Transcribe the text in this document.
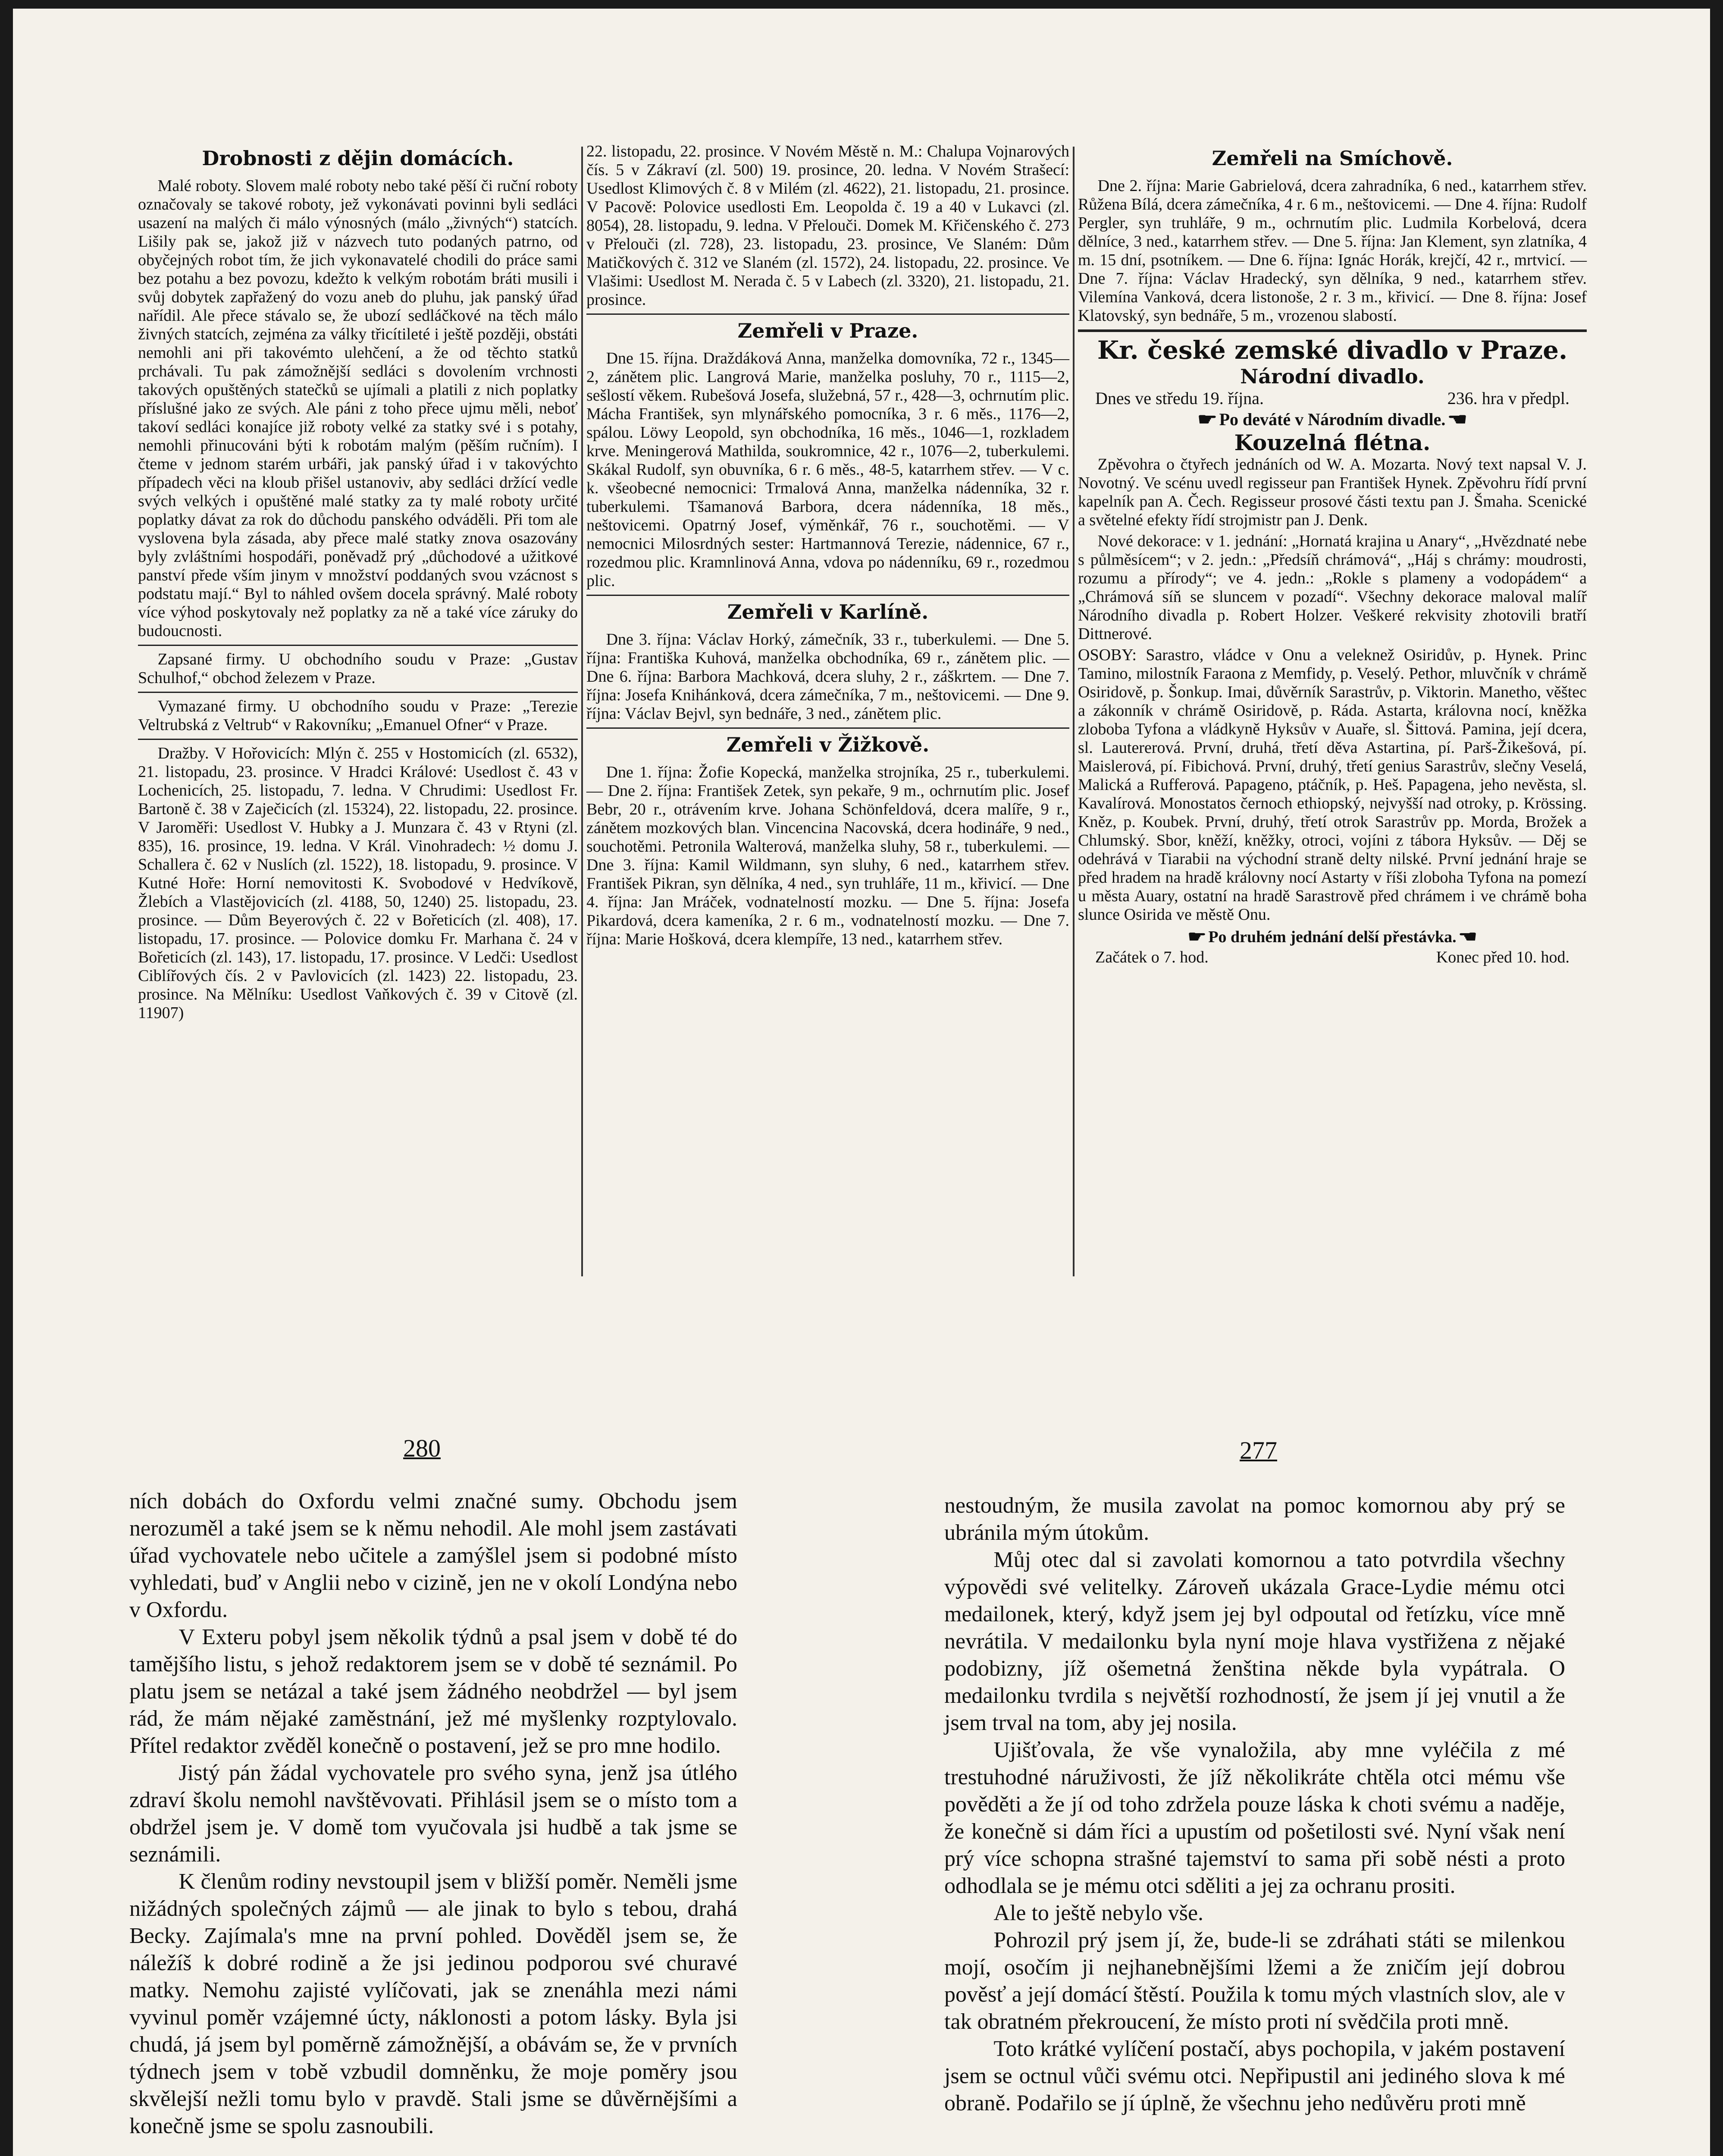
Drobnosti z dějin domácích.

Malé roboty. Slovem malé roboty nebo také pěší či ruční roboty označovaly se takové roboty, jež vykonávati povinni byli sedláci usazení na malých či málo výnosných (málo „živných“) statcích. Lišily pak se, jakož již v názvech tuto podaných patrno, od obyčejných robot tím, že jich vykonavatelé chodili do práce sami bez potahu a bez povozu, kdežto k velkým robotám bráti musili i svůj dobytek zapřažený do vozu aneb do pluhu, jak panský úřad nařídil. Ale přece stávalo se, že ubozí sedláčkové na těch málo živných statcích, zejména za války třicítileté i ještě později, obstáti nemohli ani při takovémto ulehčení, a že od těchto statků prchávali. Tu pak zámožnější sedláci s dovolením vrchnosti takových opuštěných statečků se ujímali a platili z nich poplatky příslušné jako ze svých. Ale páni z toho přece ujmu měli, neboť takoví sedláci konajíce již roboty velké za statky své i s potahy, nemohli přinucováni býti k robotám malým (pěším ručním). I čteme v jednom starém urbáři, jak panský úřad i v takovýchto případech věci na kloub přišel ustanoviv, aby sedláci držící vedle svých velkých i opuštěné malé statky za ty malé roboty určité poplatky dávat za rok do důchodu panského odváděli. Při tom ale vyslovena byla zásada, aby přece malé statky znova osazovány byly zvláštními hospodáři, poněvadž prý „důchodové a užitkové panství přede vším jinym v množství poddaných svou vzácnost s podstatu mají.“ Byl to náhled ovšem docela správný. Malé roboty více výhod poskytovaly než poplatky za ně a také více záruky do budoucnosti.

Zapsané firmy. U obchodního soudu v Praze: „Gustav Schulhof,“ obchod železem v Praze.

Vymazané firmy. U obchodního soudu v Praze: „Terezie Veltrubská z Veltrub“ v Rakovníku; „Emanuel Ofner“ v Praze.

Dražby. V Hořovicích: Mlýn č. 255 v Hostomicích (zl. 6532), 21. listopadu, 23. prosince. V Hradci Králové: Usedlost č. 43 v Lochenicích, 25. listopadu, 7. ledna. V Chrudimi: Usedlost Fr. Bartoně č. 38 v Zaječicích (zl. 15324), 22. listopadu, 22. prosince. V Jaroměři: Usedlost V. Hubky a J. Munzara č. 43 v Rtyni (zl. 835), 16. prosince, 19. ledna. V Král. Vinohradech: ½ domu J. Schallera č. 62 v Nuslích (zl. 1522), 18. listopadu, 9. prosince. V Kutné Hoře: Horní nemovitosti K. Svobodové v Hedvíkově, Žlebích a Vlastějovicích (zl. 4188, 50, 1240) 25. listopadu, 23. prosince. — Dům Beyerových č. 22 v Bořeticích (zl. 408), 17. listopadu, 17. prosince. — Polovice domku Fr. Marhana č. 24 v Bořeticích (zl. 143), 17. listopadu, 17. prosince. V Ledči: Usedlost Ciblířových čís. 2 v Pavlovicích (zl. 1423) 22. listopadu, 23. prosince. Na Mělníku: Usedlost Vaňkových č. 39 v Citově (zl. 11907)

22. listopadu, 22. prosince. V Novém Městě n. M.: Chalupa Vojnarových čís. 5 v Zákraví (zl. 500) 19. prosince, 20. ledna. V Novém Strašecí: Usedlost Klimových č. 8 v Milém (zl. 4622), 21. listopadu, 21. prosince. V Pacově: Polovice usedlosti Em. Leopolda č. 19 a 40 v Lukavci (zl. 8054), 28. listopadu, 9. ledna. V Přelouči. Domek M. Křičenského č. 273 v Přelouči (zl. 728), 23. listopadu, 23. prosince, Ve Slaném: Dům Matičkových č. 312 ve Slaném (zl. 1572), 24. listopadu, 22. prosince. Ve Vlašimi: Usedlost M. Nerada č. 5 v Labech (zl. 3320), 21. listopadu, 21. prosince.

Zemřeli v Praze.

Dne 15. října. Draždáková Anna, manželka domovníka, 72 r., 1345—2, zánětem plic. Langrová Marie, manželka posluhy, 70 r., 1115—2, sešlostí věkem. Rubešová Josefa, služebná, 57 r., 428—3, ochrnutím plic. Mácha František, syn mlynářského pomocníka, 3 r. 6 měs., 1176—2, spálou. Löwy Leopold, syn obchodníka, 16 měs., 1046—1, rozkladem krve. Meningerová Mathilda, soukromnice, 42 r., 1076—2, tuberkulemi. Skákal Rudolf, syn obuvníka, 6 r. 6 měs., 48-5, katarrhem střev. — V c. k. všeobecné nemocnici: Trmalová Anna, manželka nádenníka, 32 r. tuberkulemi. Tšamanová Barbora, dcera nádenníka, 18 měs., neštovicemi. Opatrný Josef, výměnkář, 76 r., souchotěmi. — V nemocnici Milosrdných sester: Hartmannová Terezie, nádennice, 67 r., rozedmou plic. Kramnlinová Anna, vdova po nádenníku, 69 r., rozedmou plic.

Zemřeli v Karlíně.

Dne 3. října: Václav Horký, zámečník, 33 r., tuberkulemi. — Dne 5. října: Františka Kuhová, manželka obchodníka, 69 r., zánětem plic. — Dne 6. října: Barbora Machková, dcera sluhy, 2 r., záškrtem. — Dne 7. října: Josefa Knihánková, dcera zámečníka, 7 m., neštovicemi. — Dne 9. října: Václav Bejvl, syn bednáře, 3 ned., zánětem plic.

Zemřeli v Žižkově.

Dne 1. října: Žofie Kopecká, manželka strojníka, 25 r., tuberkulemi. — Dne 2. října: František Zetek, syn pekaře, 9 m., ochrnutím plic. Josef Bebr, 20 r., otrávením krve. Johana Schönfeldová, dcera malíře, 9 r., zánětem mozkových blan. Vincencina Nacovská, dcera hodináře, 9 ned., souchotěmi. Petronila Walterová, manželka sluhy, 58 r., tuberkulemi. — Dne 3. října: Kamil Wildmann, syn sluhy, 6 ned., katarrhem střev. František Pikran, syn dělníka, 4 ned., syn truhláře, 11 m., křivicí. — Dne 4. října: Jan Mráček, vodnatelností mozku. — Dne 5. října: Josefa Pikardová, dcera kameníka, 2 r. 6 m., vodnatelností mozku. — Dne 7. října: Marie Hošková, dcera klempíře, 13 ned., katarrhem střev.

Zemřeli na Smíchově.

Dne 2. října: Marie Gabrielová, dcera zahradníka, 6 ned., katarrhem střev. Růžena Bílá, dcera zámečníka, 4 r. 6 m., neštovicemi. — Dne 4. října: Rudolf Pergler, syn truhláře, 9 m., ochrnutím plic. Ludmila Korbelová, dcera dělníce, 3 ned., katarrhem střev. — Dne 5. října: Jan Klement, syn zlatníka, 4 m. 15 dní, psotníkem. — Dne 6. října: Ignác Horák, krejčí, 42 r., mrtvicí. — Dne 7. října: Václav Hradecký, syn dělníka, 9 ned., katarrhem střev. Vilemína Vanková, dcera listonoše, 2 r. 3 m., křivicí. — Dne 8. října: Josef Klatovský, syn bednáře, 5 m., vrozenou slabostí.

Kr. české zemské divadlo v Praze.
Národní divadlo.
Dnes ve středu 19. října.	236. hra v předpl.
☛ Po deváté v Národním divadle. ☚
Kouzelná flétna.

Zpěvohra o čtyřech jednáních od W. A. Mozarta. Nový text napsal V. J. Novotný. Ve scénu uvedl regisseur pan František Hynek. Zpěvohru řídí první kapelník pan A. Čech. Regisseur prosové části textu pan J. Šmaha. Scenické a světelné efekty řídí strojmistr pan J. Denk.

Nové dekorace: v 1. jednání: „Hornatá krajina u Anary“, „Hvězdnaté nebe s půlměsícem“; v 2. jedn.: „Předsíň chrámová“, „Háj s chrámy: moudrosti, rozumu a přírody“; ve 4. jedn.: „Rokle s plameny a vodopádem“ a „Chrámová síň se sluncem v pozadí“. Všechny dekorace maloval malíř Národního divadla p. Robert Holzer. Veškeré rekvisity zhotovili bratří Dittnerové.

OSOBY: Sarastro, vládce v Onu a veleknež Osiridův, p. Hynek. Princ Tamino, milostník Faraona z Memfidy, p. Veselý. Pethor, mluvčník v chrámě Osiridově, p. Šonkup. Imai, důvěrník Sarastrův, p. Viktorin. Manetho, věštec a zákonník v chrámě Osiridově, p. Ráda. Astarta, královna nocí, kněžka zloboba Tyfona a vládkyně Hyksův v Auaře, sl. Šittová. Pamina, její dcera, sl. Lautererová. První, druhá, třetí děva Astartina, pí. Parš-Žikešová, pí. Maislerová, pí. Fibichová. První, druhý, třetí genius Sarastrův, slečny Veselá, Malická a Rufferová. Papageno, ptáčník, p. Heš. Papagena, jeho nevěsta, sl. Kavalírová. Monostatos černoch ethiopský, nejvyšší nad otroky, p. Krössing. Kněz, p. Koubek. První, druhý, třetí otrok Sarastrův pp. Morda, Brožek a Chlumský. Sbor, kněží, kněžky, otroci, vojíni z tábora Hyksův. — Děj se odehrává v Tiarabii na východní straně delty nilské. První jednání hraje se před hradem na hradě královny nocí Astarty v říši zloboha Tyfona na pomezí u města Auary, ostatní na hradě Sarastrově před chrámem i ve chrámě boha slunce Osirida ve městě Onu.

☛ Po druhém jednání delší přestávka. ☚
Začátek o 7. hod.	Konec před 10. hod.
280	277

ních dobách do Oxfordu velmi značné sumy. Obchodu jsem nerozuměl a také jsem se k němu nehodil. Ale mohl jsem zastávati úřad vychovatele nebo učitele a zamýšlel jsem si podobné místo vyhledati, buď v Anglii nebo v cizině, jen ne v okolí Londýna nebo v Oxfordu.

V Exteru pobyl jsem několik týdnů a psal jsem v době té do tamějšího listu, s jehož redaktorem jsem se v době té seznámil. Po platu jsem se netázal a také jsem žádného neobdržel — byl jsem rád, že mám nějaké zaměstnání, jež mé myšlenky rozptylovalo. Přítel redaktor zvěděl konečně o postavení, jež se pro mne hodilo.

Jistý pán žádal vychovatele pro svého syna, jenž jsa útlého zdraví školu nemohl navštěvovati. Přihlásil jsem se o místo tom a obdržel jsem je. V domě tom vyučovala jsi hudbě a tak jsme se seznámili.

K členům rodiny nevstoupil jsem v bližší poměr. Neměli jsme nižádných společných zájmů — ale jinak to bylo s tebou, drahá Becky. Zajímala's mne na první pohled. Dověděl jsem se, že náležíš k dobré rodině a že jsi jedinou podporou své churavé matky. Nemohu zajisté vylíčovati, jak se znenáhla mezi námi vyvinul poměr vzájemné úcty, náklonosti a potom lásky. Byla jsi chudá, já jsem byl poměrně zámožnější, a obávám se, že v prvních týdnech jsem v tobě vzbudil domněnku, že moje poměry jsou skvělejší nežli tomu bylo v pravdě. Stali jsme se důvěrnějšími a konečně jsme se spolu zasnoubili.

nestoudným, že musila zavolat na pomoc komornou aby prý se ubránila mým útokům.

Můj otec dal si zavolati komornou a tato potvrdila všechny výpovědi své velitelky. Zároveň ukázala Grace-Lydie mému otci medailonek, který, když jsem jej byl odpoutal od řetízku, více mně nevrátila. V medailonku byla nyní moje hlava vystřižena z nějaké podobizny, jíž ošemetná ženština někde byla vypátrala. O medailonku tvrdila s největší rozhodností, že jsem jí jej vnutil a že jsem trval na tom, aby jej nosila.

Ujišťovala, že vše vynaložila, aby mne vyléčila z mé trestuhodné náruživosti, že jíž několikráte chtěla otci mému vše pověděti a že jí od toho zdržela pouze láska k choti svému a naděje, že konečně si dám říci a upustím od pošetilosti své. Nyní však není prý více schopna strašné tajemství to sama při sobě nésti a proto odhodlala se je mému otci sděliti a jej za ochranu prositi.

Ale to ještě nebylo vše.

Pohrozil prý jsem jí, že, bude-li se zdráhati státi se milenkou mojí, osočím ji nejhanebnějšími lžemi a že zničím její dobrou pověsť a její domácí štěstí. Použila k tomu mých vlastních slov, ale v tak obratném překroucení, že místo proti ní svědčila proti mně.

Toto krátké vylíčení postačí, abys pochopila, v jakém postavení jsem se octnul vůči svému otci. Nepřipustil ani jediného slova k mé obraně. Podařilo se jí úplně, že všechnu jeho nedůvěru proti mně
